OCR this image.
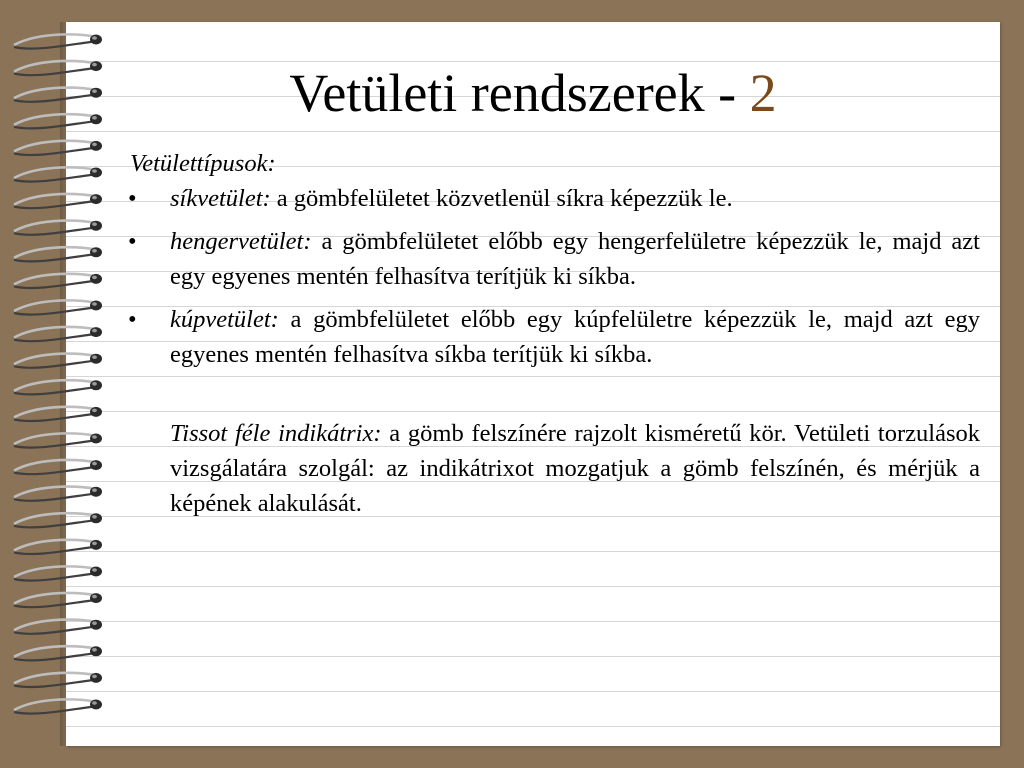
Vetületi rendszerek - 2

Vetülettípusok:

• síkvetület: a gömbfelületet közvetlenül síkra képezzük le.
• hengervetület: a gömbfelületet előbb egy hengerfelületre képezzük le, majd azt egy egyenes mentén felhasítva terítjük ki síkba.
• kúpvetület: a gömbfelületet előbb egy kúpfelületre képezzük le, majd azt egy egyenes mentén felhasítva síkba terítjük ki síkba.

Tissot féle indikátrix: a gömb felszínére rajzolt kisméretű kör. Vetületi torzulások vizsgálatára szolgál: az indikátrixot mozgatjuk a gömb felszínén, és mérjük a képének alakulását.
